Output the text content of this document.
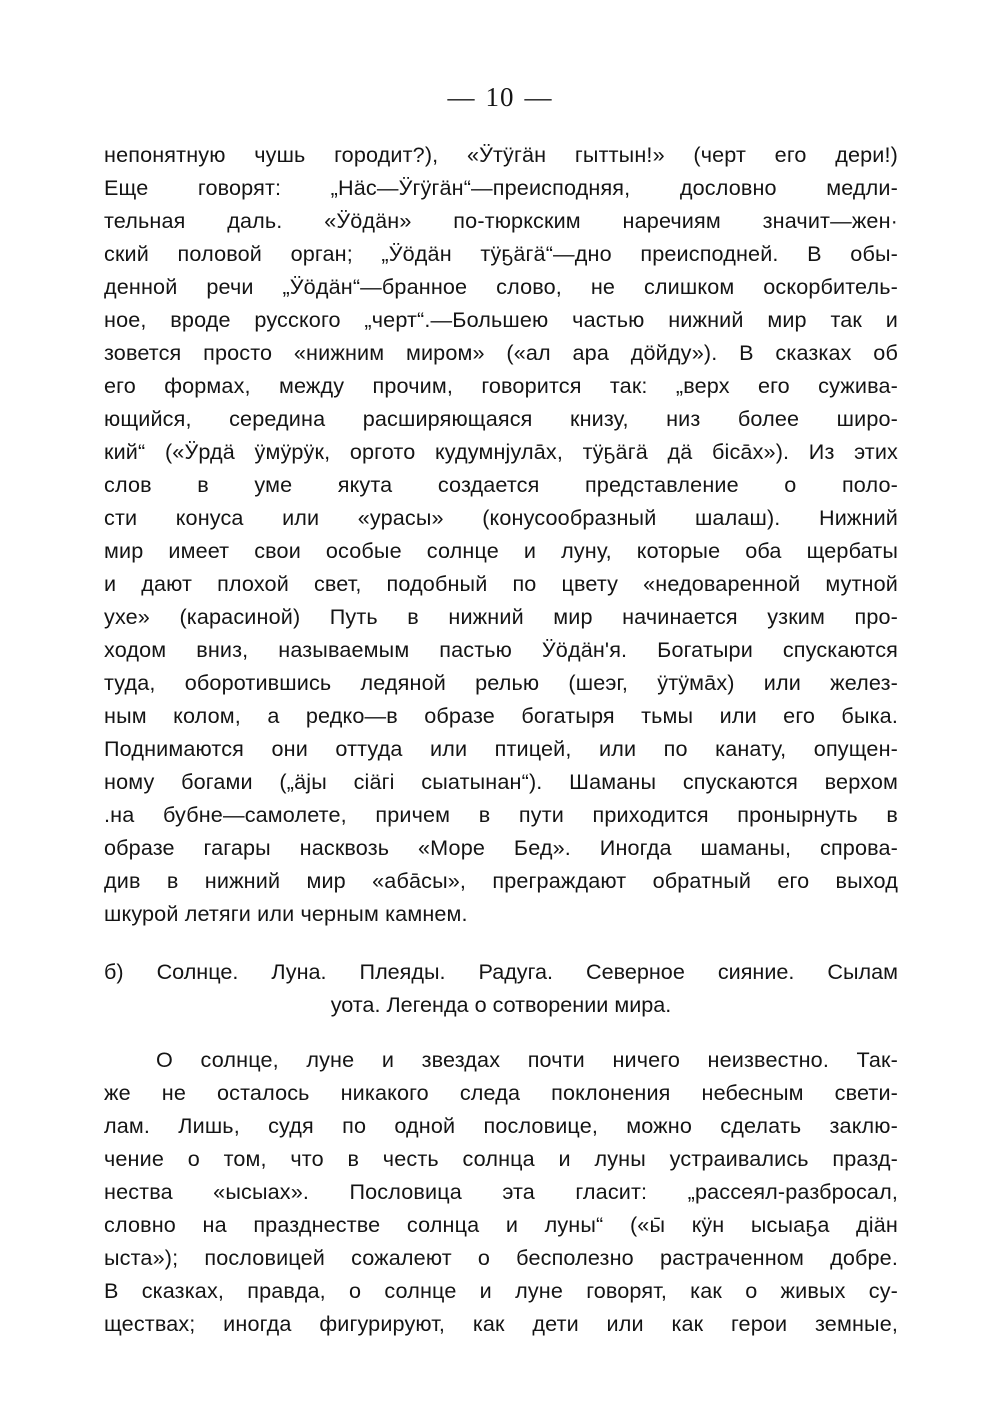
— 10 —
непонятную чушь городит?), «Ӱтӱгäн гыттын!» (черт его дери!)
Еще говорят: „Нäс—Ӱгӱгäн“—преисподняя, дословно медли-
тельная даль. «Ӱöдäн» по-тюркским наречиям значит—жен·
ский половой орган; „Ӱöдäн тӱҕäгä“—дно преисподней. В обы-
денной речи „Ӱöдäн“—бранное слово, не слишком оскорбитель-
ное, вроде русского „черт“.—Большею частью нижний мир так и
зовется просто «нижним миром» («ал ара дöйду»). В сказках об
его формах, между прочим, говорится так: „верх его сужива-
ющийся, середина расширяющаяся книзу, низ более широ-
кий“ («Ӱрдä ӱмӱрӱк, оргото кудумнjулāх, тӱҕäгä дä бісāх»). Из этих
слов в уме якута создается представление о поло-
сти конуса или «урасы» (конусообразный шалаш). Нижний
мир имеет свои особые солнце и луну, которые оба щербаты
и дают плохой свет, подобный по цвету «недоваренной мутной
ухе» (карасиной) Путь в нижний мир начинается узким про-
ходом вниз, называемым пастью Ӱöдäн'я. Богатыри спускаются
туда, оборотившись ледяной релью (шеэг, ӱтӱмāх) или желез-
ным колом, а редко—в образе богатыря тьмы или его быка.
Поднимаются они оттуда или птицей, или по канату, опущен-
ному богами („äjы сіäгі сыатынан“). Шаманы спускаются верхом
.на бубне—самолете, причем в пути приходится пронырнуть в
образе гагары насквозь «Море Бед». Иногда шаманы, спрова-
див в нижний мир «абāсы», преграждают обратный его выход
шкурой летяги или черным камнем.
б) Солнце. Луна. Плеяды. Радуга. Северное сияние. Сылам
уота. Легенда о сотворении мира.
О солнце, луне и звездах почти ничего неизвестно. Так-
же не осталось никакого следа поклонения небесным свети-
лам. Лишь, судя по одной пословице, можно сделать заклю-
чение о том, что в честь солнца и луны устраивались празд-
нества «ысыах». Пословица эта гласит: „рассеял-разбросал,
словно на празднестве солнца и луны“ («ы̄ кӱн ысыаҕа дiäн
ыста»); пословицей сожалеют о бесполезно растраченном добре.
В сказках, правда, о солнце и луне говорят, как о живых су-
ществах; иногда фигурируют, как дети или как герои земные,
